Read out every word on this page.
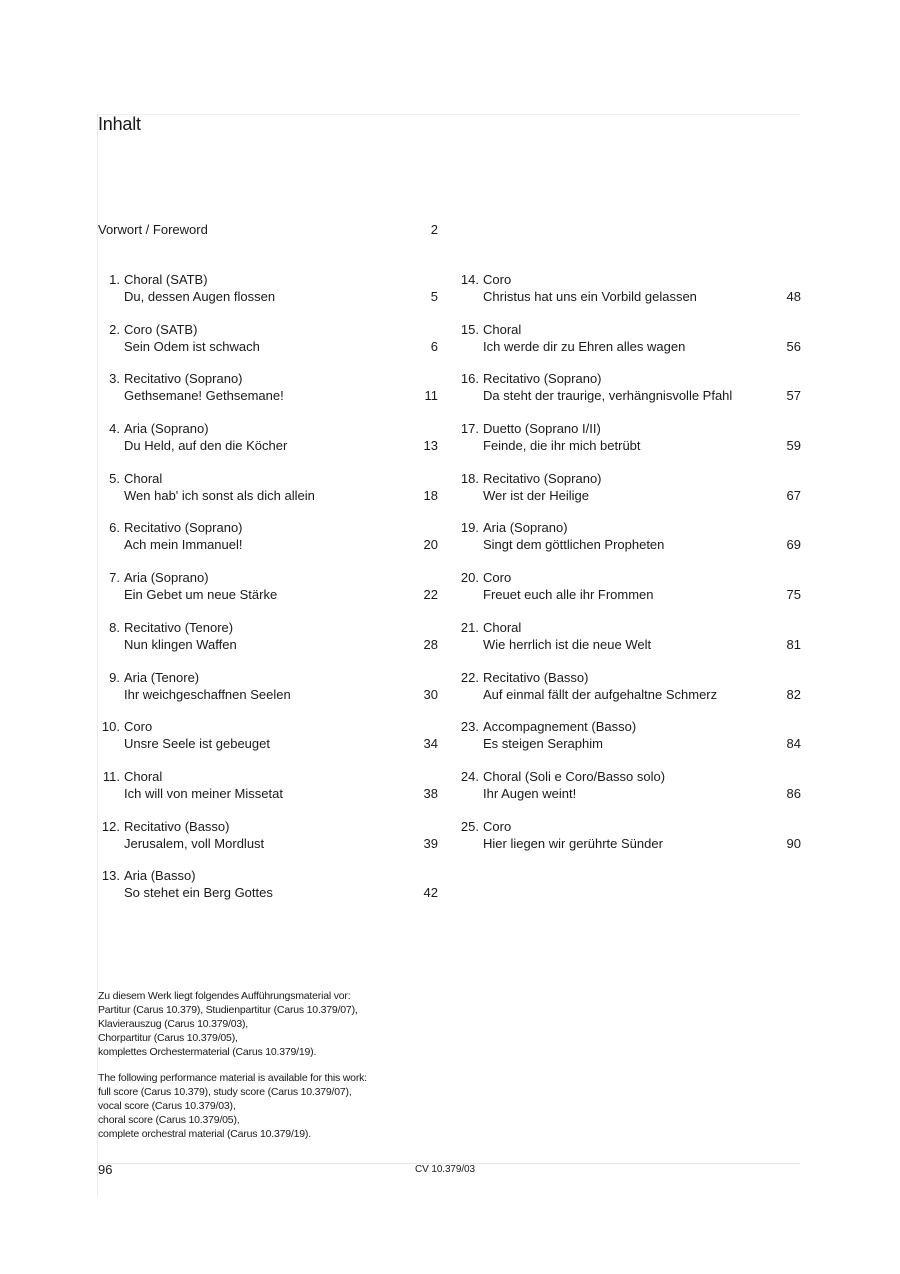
Inhalt
Vorwort / Foreword	2
1. Choral (SATB)
Du, dessen Augen flossen	5
2. Coro (SATB)
Sein Odem ist schwach	6
3. Recitativo (Soprano)
Gethsemane! Gethsemane!	11
4. Aria (Soprano)
Du Held, auf den die Köcher	13
5. Choral
Wen hab' ich sonst als dich allein	18
6. Recitativo (Soprano)
Ach mein Immanuel!	20
7. Aria (Soprano)
Ein Gebet um neue Stärke	22
8. Recitativo (Tenore)
Nun klingen Waffen	28
9. Aria (Tenore)
Ihr weichgeschaffnen Seelen	30
10. Coro
Unsre Seele ist gebeuget	34
11. Choral
Ich will von meiner Missetat	38
12. Recitativo (Basso)
Jerusalem, voll Mordlust	39
13. Aria (Basso)
So stehet ein Berg Gottes	42
14. Coro
Christus hat uns ein Vorbild gelassen	48
15. Choral
Ich werde dir zu Ehren alles wagen	56
16. Recitativo (Soprano)
Da steht der traurige, verhängnisvolle Pfahl	57
17. Duetto (Soprano I/II)
Feinde, die ihr mich betrübt	59
18. Recitativo (Soprano)
Wer ist der Heilige	67
19. Aria (Soprano)
Singt dem göttlichen Propheten	69
20. Coro
Freuet euch alle ihr Frommen	75
21. Choral
Wie herrlich ist die neue Welt	81
22. Recitativo (Basso)
Auf einmal fällt der aufgehaltne Schmerz	82
23. Accompagnement (Basso)
Es steigen Seraphim	84
24. Choral (Soli e Coro/Basso solo)
Ihr Augen weint!	86
25. Coro
Hier liegen wir gerührte Sünder	90
Zu diesem Werk liegt folgendes Aufführungsmaterial vor:
Partitur (Carus 10.379), Studienpartitur (Carus 10.379/07),
Klavierauszug (Carus 10.379/03),
Chorpartitur (Carus 10.379/05),
komplettes Orchestermaterial (Carus 10.379/19).
The following performance material is available for this work:
full score (Carus 10.379), study score (Carus 10.379/07),
vocal score (Carus 10.379/03),
choral score (Carus 10.379/05),
complete orchestral material (Carus 10.379/19).
96	CV 10.379/03
